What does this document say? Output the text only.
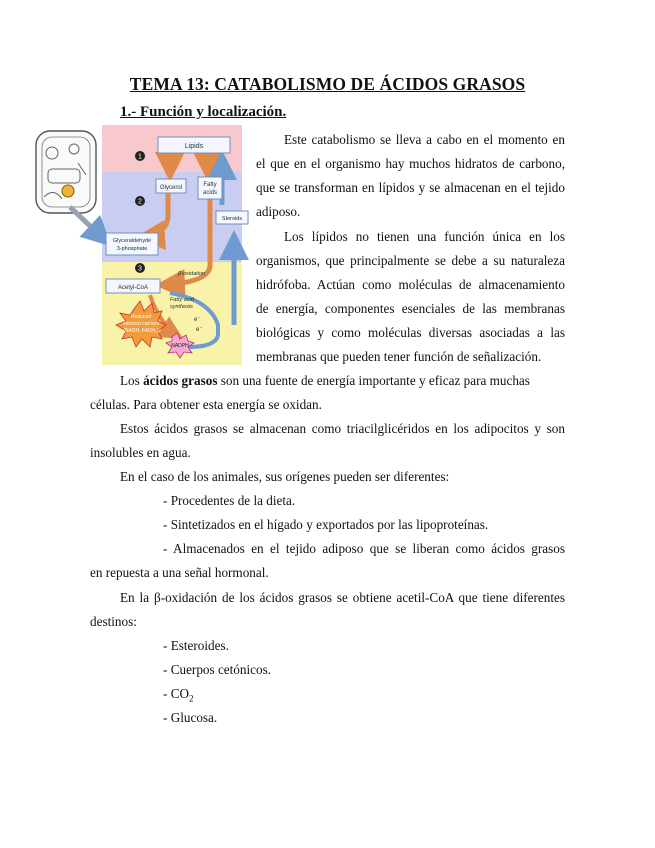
TEMA 13: CATABOLISMO DE ÁCIDOS GRASOS
1.- Función y localización.
1
2
3
Lipids
Glycerol	Fatty
acids
Steroids
Glyceraldehyde
3-phosphate
β-oxidation
Acetyl-CoA
Fatty acid
synthesis
e⁻
e⁻
Reduced
electron carriers
(NADH, FADH₂)
NADPH
Este catabolismo se lleva a cabo en el momento en
el que en el organismo hay muchos hidratos de carbono,
que se transforman en lípidos y se almacenan en el tejido
adiposo.
Los lípidos no tienen una función única en los
organismos, que principalmente se debe a su naturaleza
hidrófoba. Actúan como moléculas de almacenamiento
de energía, componentes esenciales de las membranas
biológicas y como moléculas diversas asociadas a las
membranas que pueden tener función de señalización.
Los ácidos grasos son una fuente de energía importante y eficaz para muchas
células. Para obtener esta energía se oxidan.
Estos ácidos grasos se almacenan como triacilglicéridos en los adipocitos y son
insolubles en agua.
En el caso de los animales, sus orígenes pueden ser diferentes:
- Procedentes de la dieta.
- Sintetizados en el hígado y exportados por las lipoproteínas.
- Almacenados en el tejido adiposo que se liberan como ácidos grasos
en repuesta a una señal hormonal.
En la β-oxidación de los ácidos grasos se obtiene acetil-CoA que tiene diferentes
destinos:
- Esteroides.
- Cuerpos cetónicos.
- $CO_2$
- Glucosa.
